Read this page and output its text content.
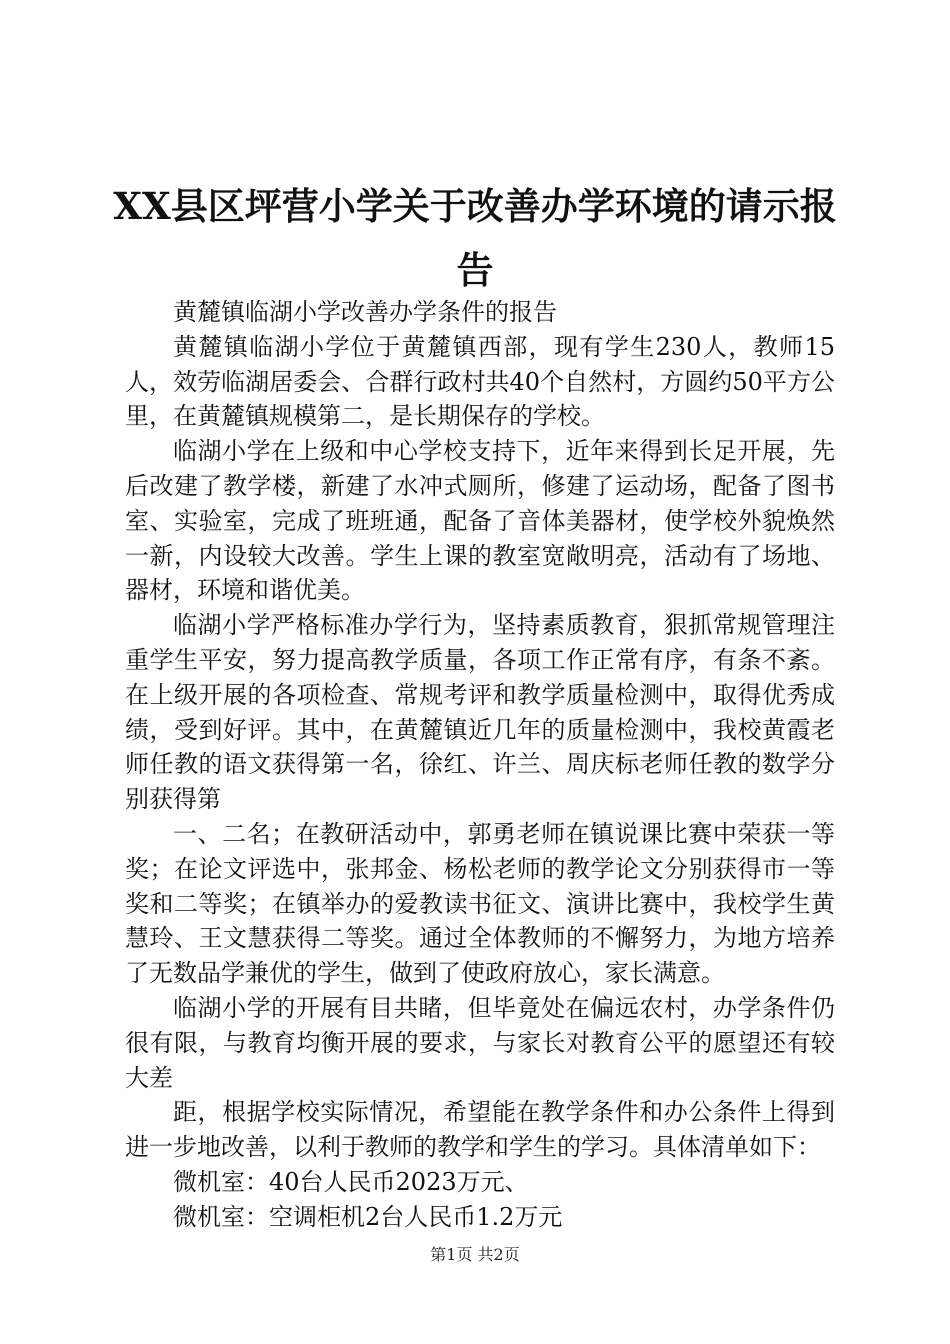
XX县区坪营小学关于改善办学环境的请示报告

黄麓镇临湖小学改善办学条件的报告

黄麓镇临湖小学位于黄麓镇西部，现有学生230人，教师15人，效劳临湖居委会、合群行政村共40个自然村，方圆约50平方公里，在黄麓镇规模第二，是长期保存的学校。

临湖小学在上级和中心学校支持下，近年来得到长足开展，先后改建了教学楼，新建了水冲式厕所，修建了运动场，配备了图书室、实验室，完成了班班通，配备了音体美器材，使学校外貌焕然一新，内设较大改善。学生上课的教室宽敞明亮，活动有了场地、器材，环境和谐优美。

临湖小学严格标准办学行为，坚持素质教育，狠抓常规管理注重学生平安，努力提高教学质量，各项工作正常有序，有条不紊。在上级开展的各项检查、常规考评和教学质量检测中，取得优秀成绩，受到好评。其中，在黄麓镇近几年的质量检测中，我校黄霞老师任教的语文获得第一名，徐红、许兰、周庆标老师任教的数学分别获得第

一、二名；在教研活动中，郭勇老师在镇说课比赛中荣获一等奖；在论文评选中，张邦金、杨松老师的教学论文分别获得市一等奖和二等奖；在镇举办的爱教读书征文、演讲比赛中，我校学生黄慧玲、王文慧获得二等奖。通过全体教师的不懈努力，为地方培养了无数品学兼优的学生，做到了使政府放心，家长满意。

临湖小学的开展有目共睹，但毕竟处在偏远农村，办学条件仍很有限，与教育均衡开展的要求，与家长对教育公平的愿望还有较大差

距，根据学校实际情况，希望能在教学条件和办公条件上得到进一步地改善，以利于教师的教学和学生的学习。具体清单如下：

微机室：40台人民币2023万元、

微机室：空调柜机2台人民币1.2万元

第1页 共2页
